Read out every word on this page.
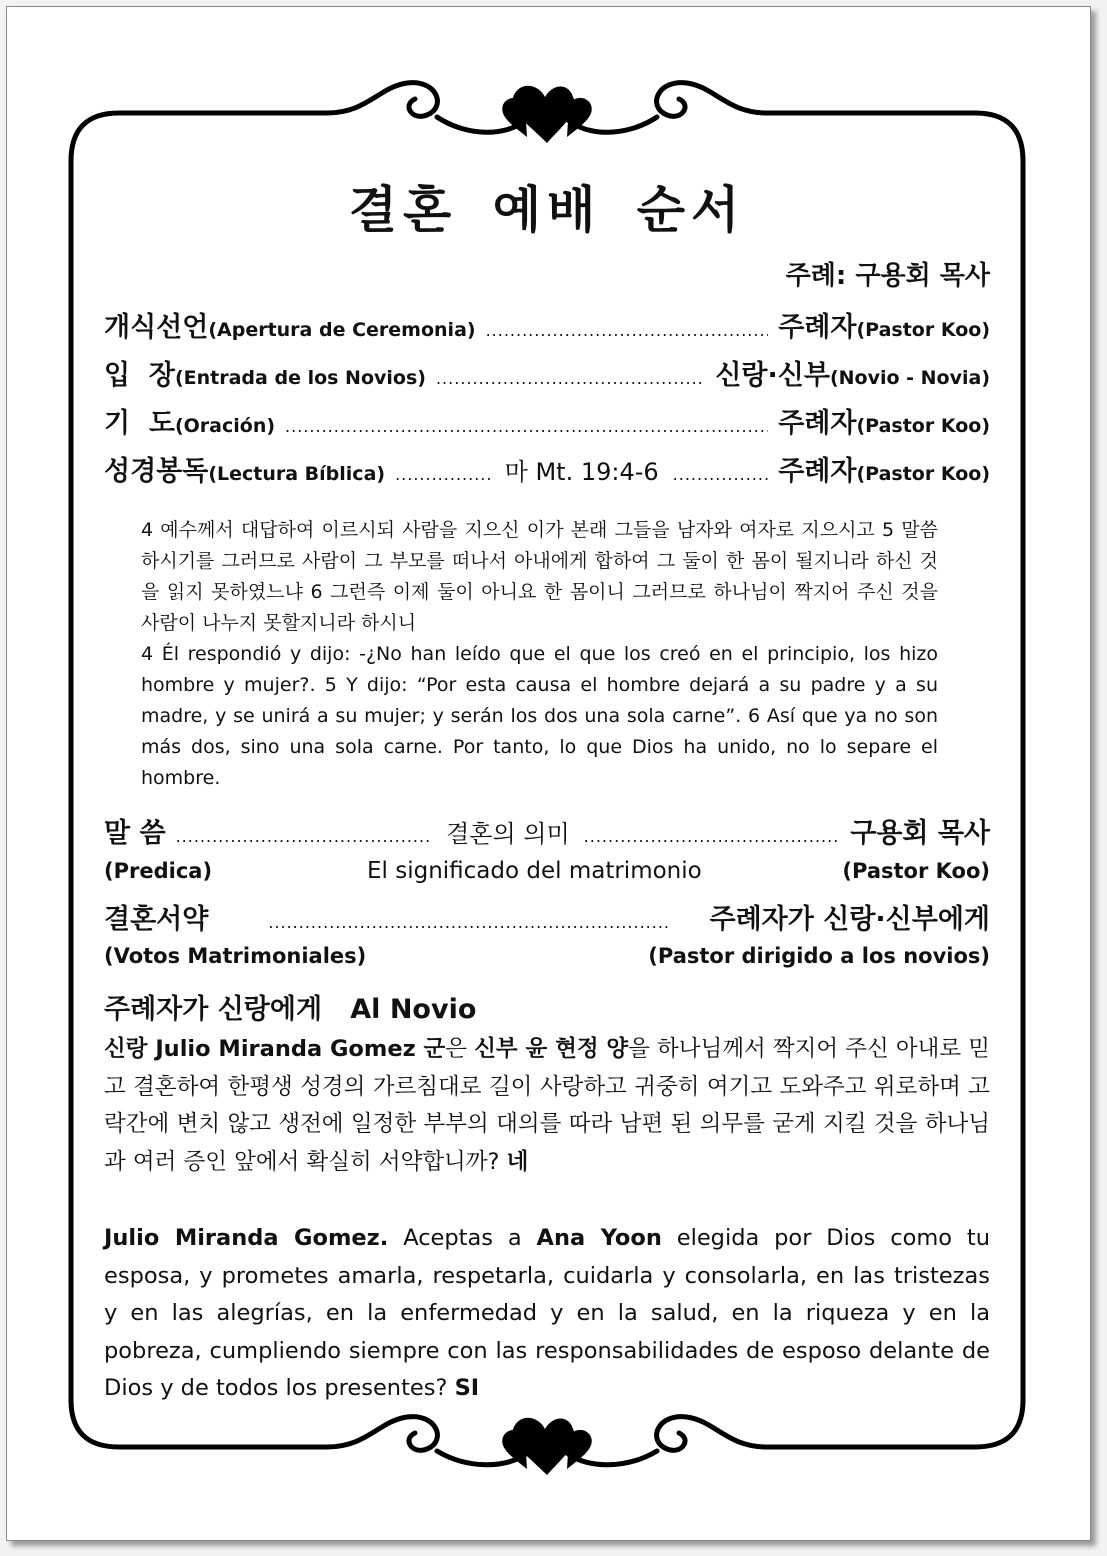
결혼 예배 순서
주례: 구용회 목사
개식선언 (Apertura de Ceremonia) .....	주례자(Pastor Koo)
입  장 (Entrada de los Novios) .....	신랑·신부(Novio - Novia)
기  도 (Oración) .....	주례자(Pastor Koo)
성경봉독 (Lectura Bíblica) .....	마 Mt. 19:4-6 .....	주례자(Pastor Koo)

4 예수께서 대답하여 이르시되 사람을 지으신 이가 본래 그들을 남자와 여자로 지으시고 5 말씀하시기를 그러므로 사람이 그 부모를 떠나서 아내에게 합하여 그 둘이 한 몸이 될지니라 하신 것을 읽지 못하였느냐 6 그런즉 이제 둘이 아니요 한 몸이니 그러므로 하나님이 짝지어 주신 것을 사람이 나누지 못할지니라 하시니

4 Él respondió y dijo: -¿No han leído que el que los creó en el principio, los hizo hombre y mujer?. 5 Y dijo: “Por esta causa el hombre dejará a su padre y a su madre, y se unirá a su mujer; y serán los dos una sola carne”. 6 Así que ya no son más dos, sino una sola carne. Por tanto, lo que Dios ha unido, no lo separe el hombre.

말 씀 .....	결혼의 의미 .....	구용회 목사
(Predica)	El significado del matrimonio	(Pastor Koo)
결혼서약 .....	주례자가 신랑·신부에게
(Votos Matrimoniales)	(Pastor dirigido a los novios)
주례자가 신랑에게 Al Novio

신랑 Julio Miranda Gomez 군은 신부 윤 현정 양을 하나님께서 짝지어 주신 아내로 믿고 결혼하여 한평생 성경의 가르침대로 길이 사랑하고 귀중히 여기고 도와주고 위로하며 고락간에 변치 않고 생전에 일정한 부부의 대의를 따라 남편 된 의무를 굳게 지킬 것을 하나님과 여러 증인 앞에서 확실히 서약합니까? 네

Julio Miranda Gomez. Aceptas a Ana Yoon elegida por Dios como tu esposa, y prometes amarla, respetarla, cuidarla y consolarla, en las tristezas y en las alegrías, en la enfermedad y en la salud, en la riqueza y en la pobreza, cumpliendo siempre con las responsabilidades de esposo delante de Dios y de todos los presentes? SI
